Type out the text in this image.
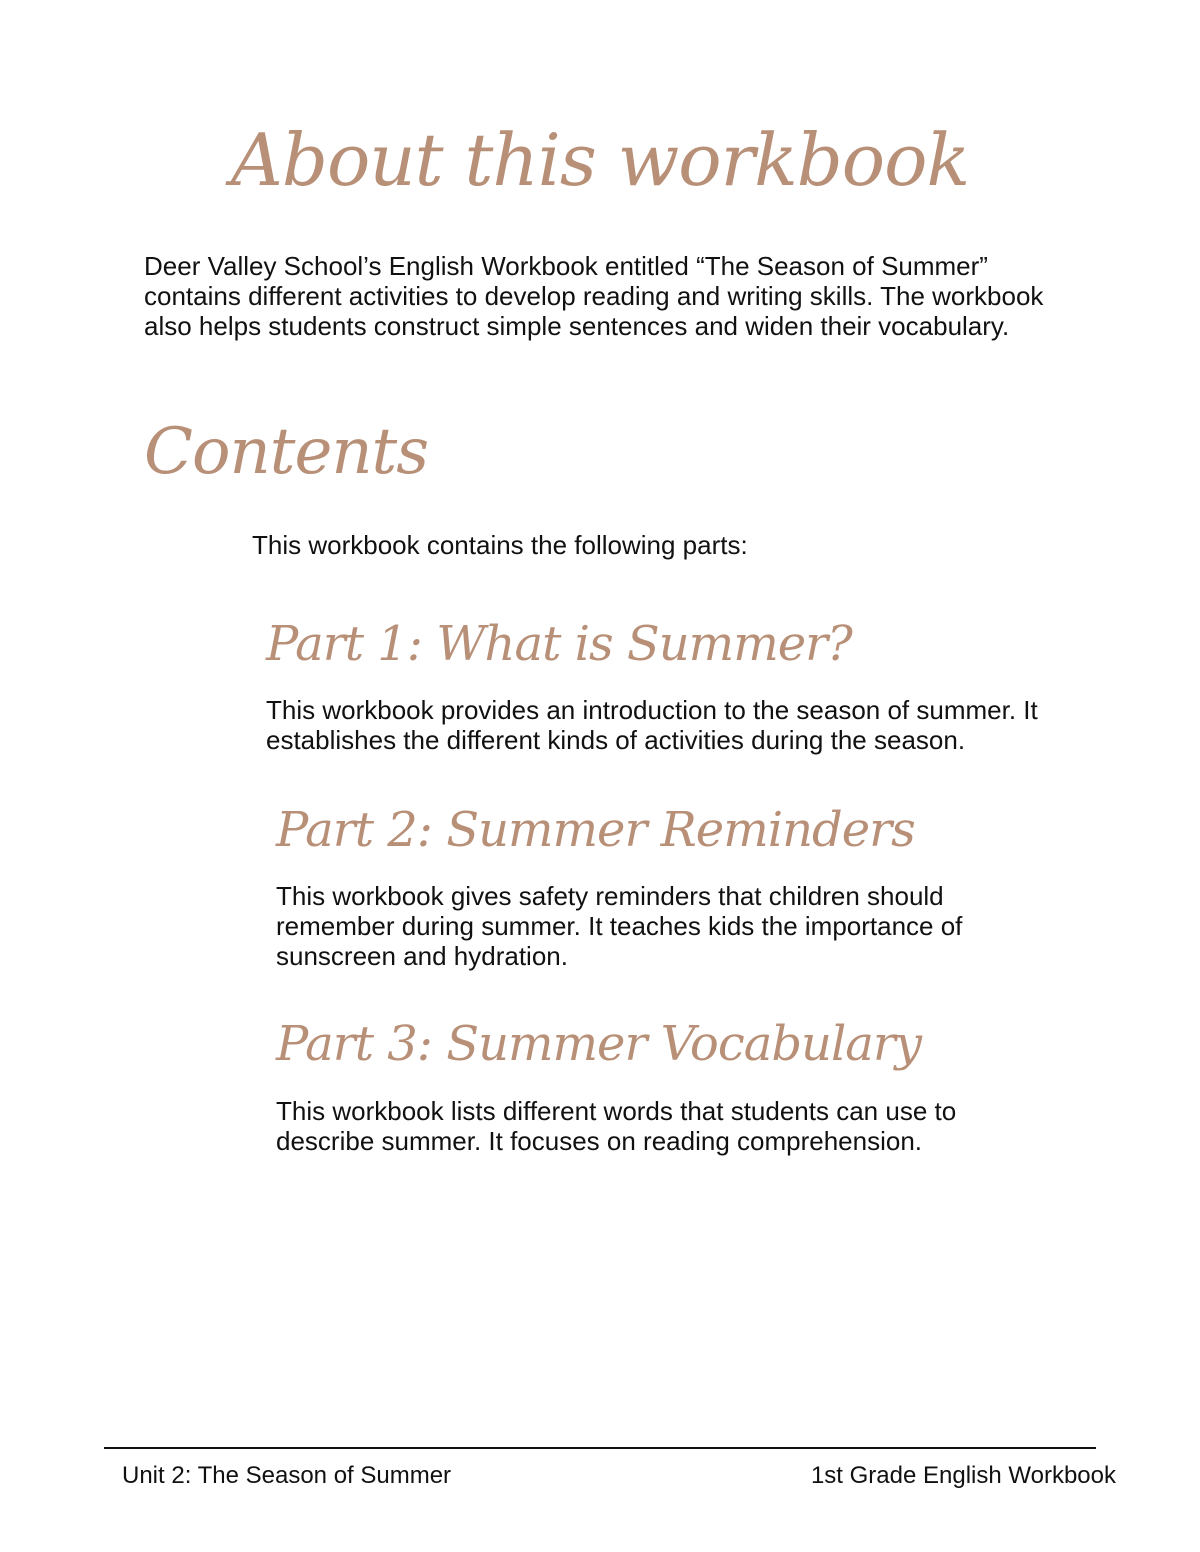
About this workbook

Deer Valley School’s English Workbook entitled “The Season of Summer” contains different activities to develop reading and writing skills. The workbook also helps students construct simple sentences and widen their vocabulary.

Contents

This workbook contains the following parts:

Part 1: What is Summer?

This workbook provides an introduction to the season of summer. It establishes the different kinds of activities during the season.

Part 2: Summer Reminders

This workbook gives safety reminders that children should remember during summer. It teaches kids the importance of sunscreen and hydration.

Part 3: Summer Vocabulary

This workbook lists different words that students can use to describe summer. It focuses on reading comprehension.

Unit 2: The Season of Summer	1st Grade English Workbook
